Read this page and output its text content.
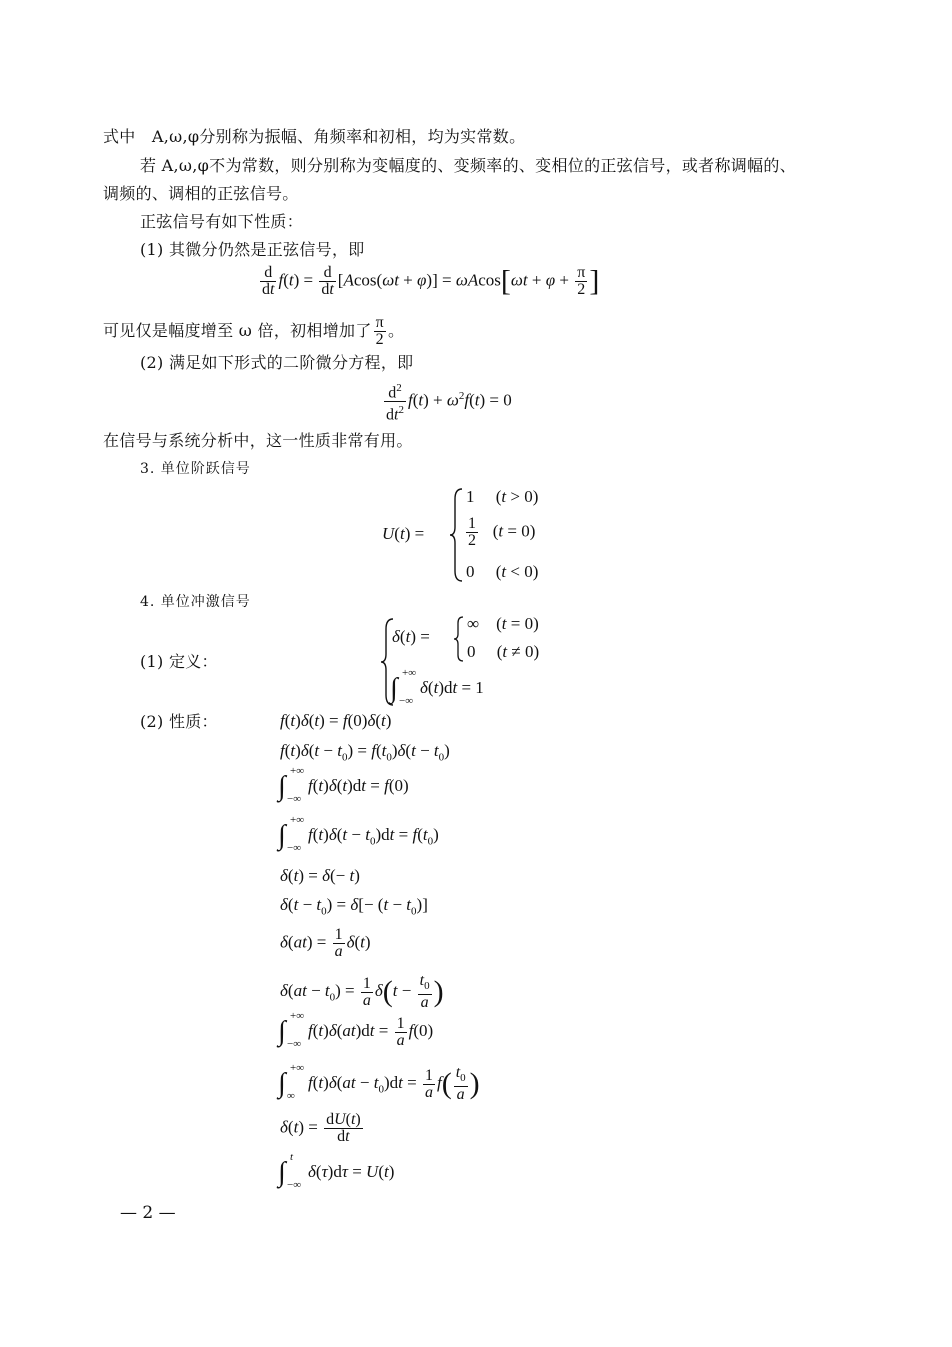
式中　A,ω,φ分别称为振幅、角频率和初相，均为实常数。
若 A,ω,φ不为常数，则分别称为变幅度的、变频率的、变相位的正弦信号，或者称调幅的、
调频的、调相的正弦信号。
正弦信号有如下性质：
(1) 其微分仍然是正弦信号，即
$\frac{d}{dt} f(t) = \frac{d}{dt} [Acos(\omega t + \varphi)] = \omega Acos[\omega t + \varphi + \frac{\pi}{2}$ ]
可见仅是幅度增至 ω 倍，初相增加了 $\frac{\pi}{2}$ 。
(2) 满足如下形式的二阶微分方程，即
$\frac{d^2}{dt^2} f(t) + \omega^2f(t) = 0$
在信号与系统分析中，这一性质非常有用。
3. 单位阶跃信号
U(t) =
1     (t > 0)
$\frac{1}{2} (t = 0)$
0     (t < 0)
4. 单位冲激信号
(1) 定义：
δ(t) =
∞    (t = 0)
0     (t ≠ 0)
∫ +∞
−∞
δ(t)dt = 1
(2) 性质：	f(t)δ(t) = f(0)δ(t)
$f(t)\delta(t - t_0) = f(t_0)\delta(t - t_0)$
∫ +∞
−∞
f(t)δ(t)dt = f(0)
∫ +∞
−∞
$f(t)\delta(t - t_0)dt = f(t_0)$
δ(t) = δ(− t)
$\delta(t - t_0) = \delta[- (t - t_0)]$
$\delta(at) = \frac{1}{a} \delta(t)$
$\delta(at - t_0) = \frac{1}{a} \delta(t - \frac{t_0}{a}$ )
∫ +∞
−∞
$f(t)\delta(at)dt = \frac{1}{a} f(0)$
∫ +∞
∞
$f(t)\delta(at - t_0)dt = \frac{1}{a} f( \frac{t_0}{a}$ )
$\delta(t) = \frac{dU(t)}{dt}$
∫ t
−∞
δ(τ)dτ = U(t)
— 2 —
